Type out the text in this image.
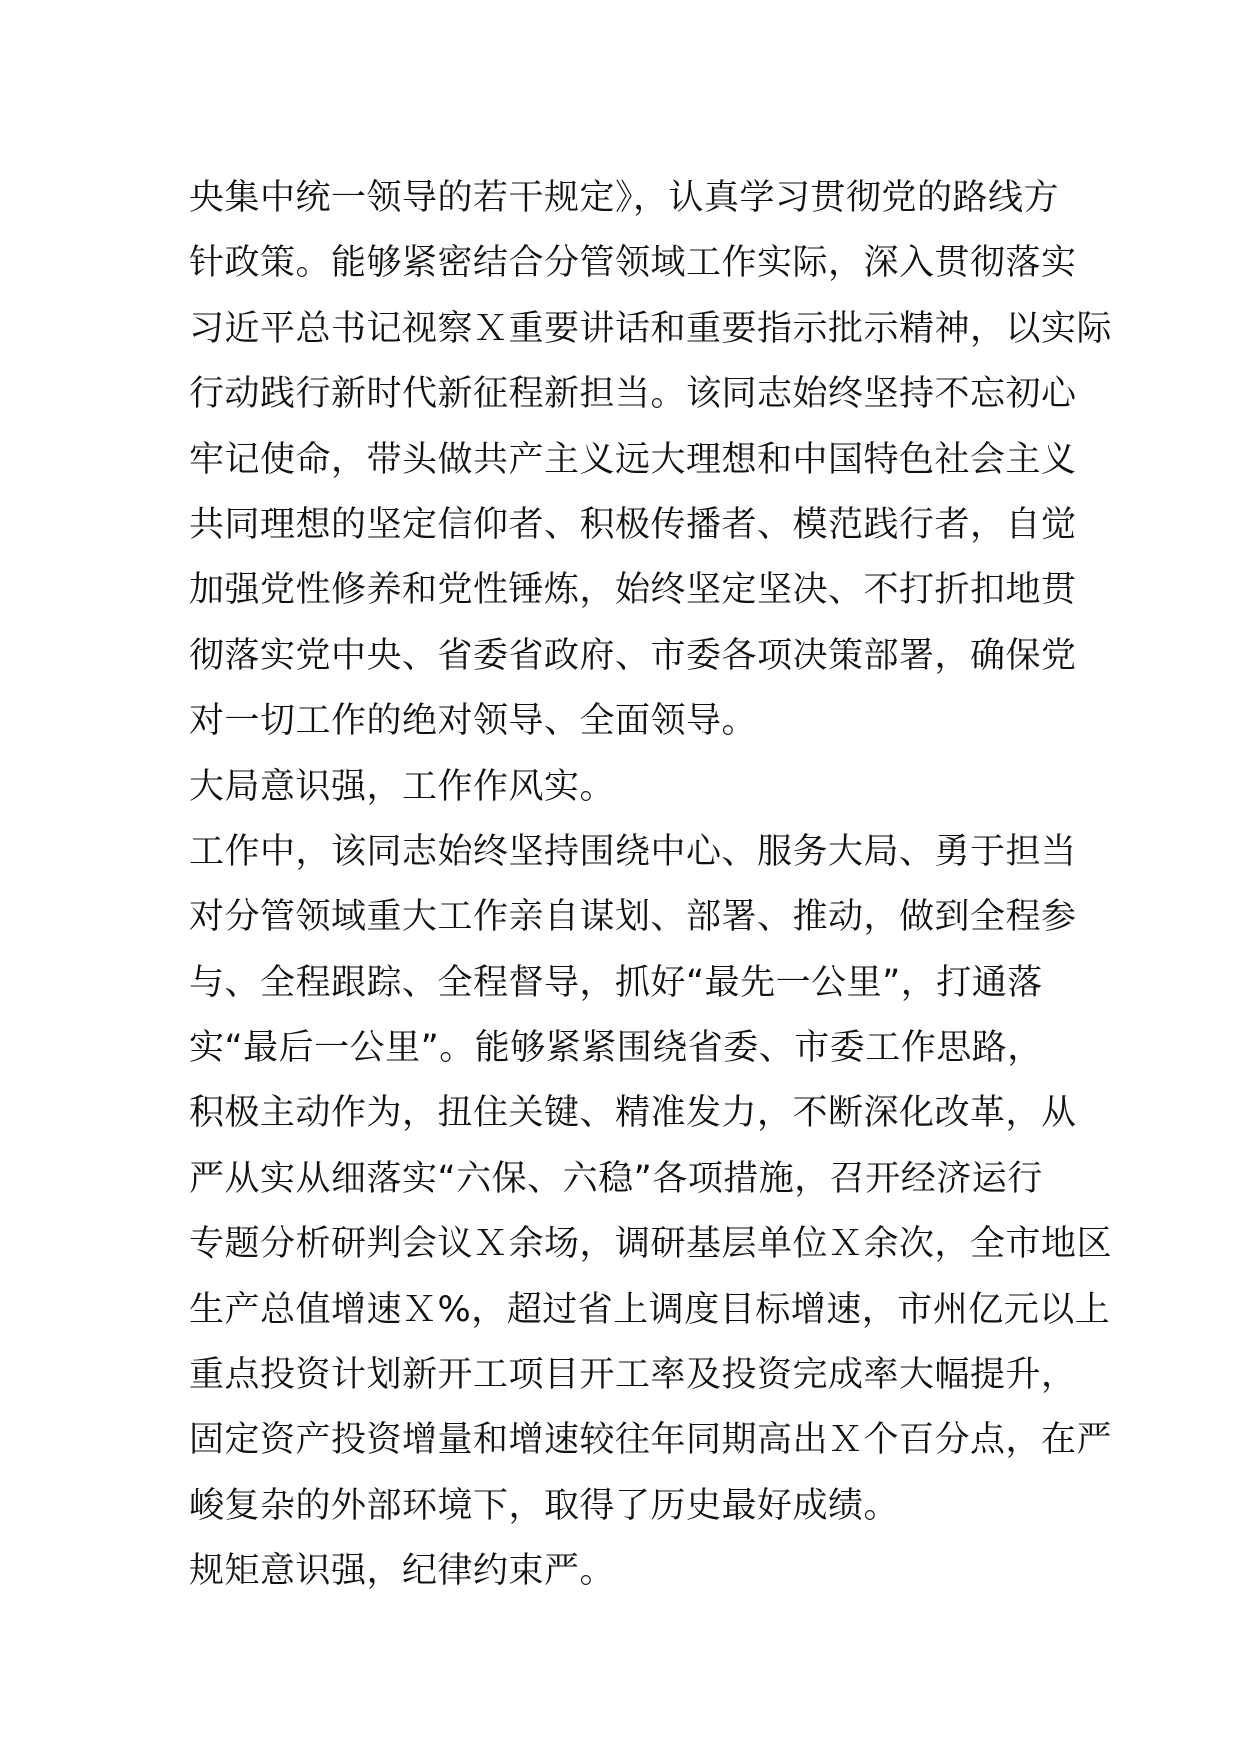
央集中统一领导的若干规定》，认真学习贯彻党的路线方
针政策。能够紧密结合分管领域工作实际，深入贯彻落实
习近平总书记视察Ｘ重要讲话和重要指示批示精神，以实际
行动践行新时代新征程新担当。该同志始终坚持不忘初心
牢记使命，带头做共产主义远大理想和中国特色社会主义
共同理想的坚定信仰者、积极传播者、模范践行者，自觉
加强党性修养和党性锤炼，始终坚定坚决、不打折扣地贯
彻落实党中央、省委省政府、市委各项决策部署，确保党
对一切工作的绝对领导、全面领导。
大局意识强，工作作风实。
工作中，该同志始终坚持围绕中心、服务大局、勇于担当
对分管领域重大工作亲自谋划、部署、推动，做到全程参
与、全程跟踪、全程督导，抓好“最先一公里”，打通落
实“最后一公里”。能够紧紧围绕省委、市委工作思路，
积极主动作为，扭住关键、精准发力，不断深化改革，从
严从实从细落实“六保、六稳”各项措施，召开经济运行
专题分析研判会议Ｘ余场，调研基层单位Ｘ余次，全市地区
生产总值增速Ｘ%，超过省上调度目标增速，市州亿元以上
重点投资计划新开工项目开工率及投资完成率大幅提升，
固定资产投资增量和增速较往年同期高出Ｘ个百分点，在严
峻复杂的外部环境下，取得了历史最好成绩。
规矩意识强，纪律约束严。
